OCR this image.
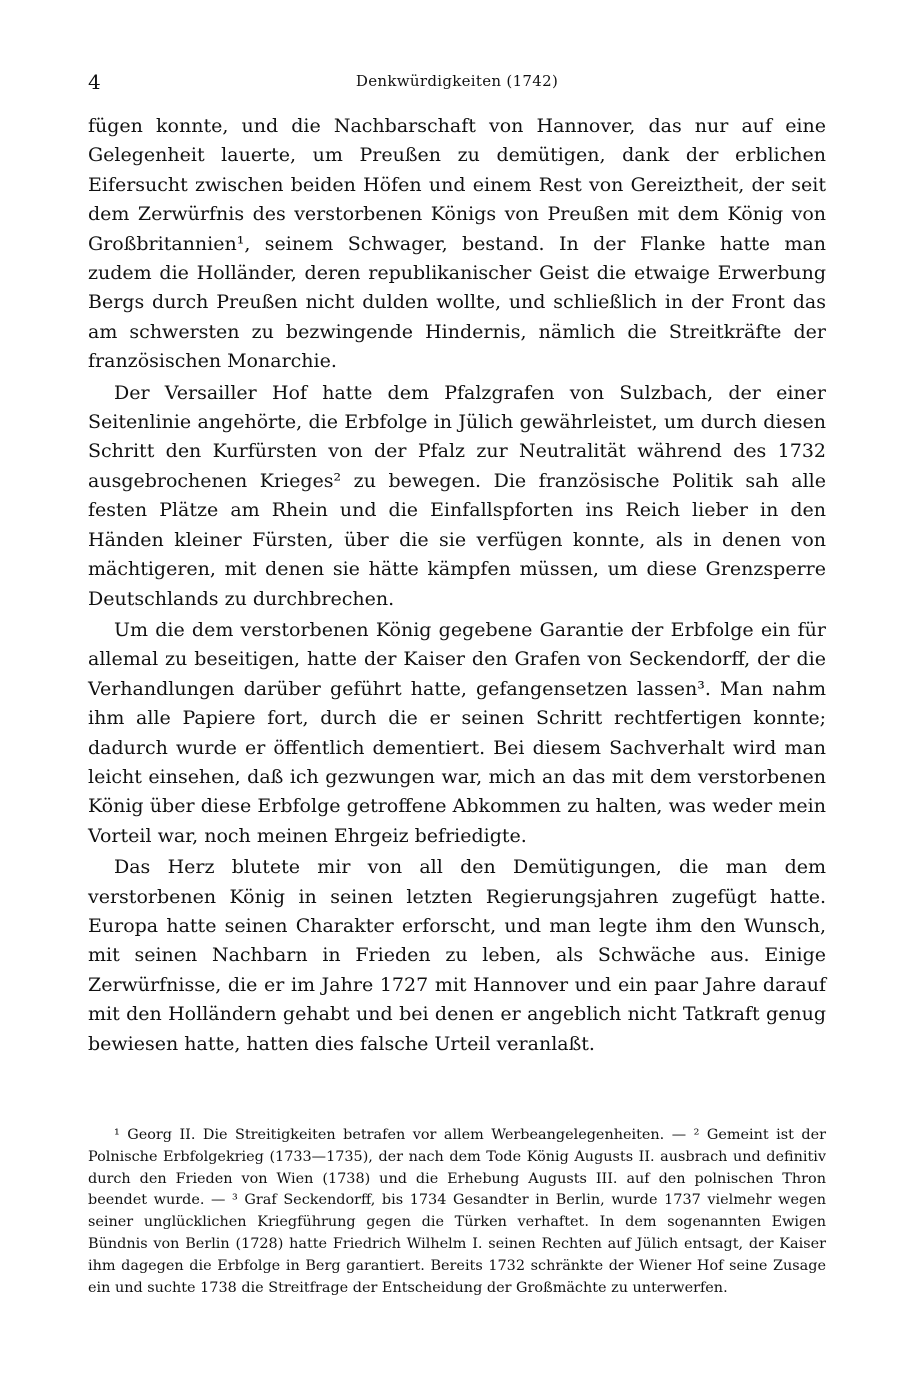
4	Denkwürdigkeiten (1742)

fügen konnte, und die Nachbarschaft von Hannover, das nur auf eine Gelegenheit lauerte, um Preußen zu demütigen, dank der erblichen Eifersucht zwischen beiden Höfen und einem Rest von Gereiztheit, der seit dem Zerwürfnis des verstorbenen Königs von Preußen mit dem König von Großbritannien¹, seinem Schwager, bestand. In der Flanke hatte man zudem die Holländer, deren republikanischer Geist die etwaige Erwerbung Bergs durch Preußen nicht dulden wollte, und schließlich in der Front das am schwersten zu bezwingende Hindernis, nämlich die Streitkräfte der französischen Monarchie.

Der Versailler Hof hatte dem Pfalzgrafen von Sulzbach, der einer Seitenlinie angehörte, die Erbfolge in Jülich gewährleistet, um durch diesen Schritt den Kurfürsten von der Pfalz zur Neutralität während des 1732 ausgebrochenen Krieges² zu bewegen. Die französische Politik sah alle festen Plätze am Rhein und die Einfallspforten ins Reich lieber in den Händen kleiner Fürsten, über die sie verfügen konnte, als in denen von mächtigeren, mit denen sie hätte kämpfen müssen, um diese Grenzsperre Deutschlands zu durchbrechen.

Um die dem verstorbenen König gegebene Garantie der Erbfolge ein für allemal zu beseitigen, hatte der Kaiser den Grafen von Seckendorff, der die Verhandlungen darüber geführt hatte, gefangensetzen lassen³. Man nahm ihm alle Papiere fort, durch die er seinen Schritt rechtfertigen konnte; dadurch wurde er öffentlich dementiert. Bei diesem Sachverhalt wird man leicht einsehen, daß ich gezwungen war, mich an das mit dem verstorbenen König über diese Erbfolge getroffene Abkommen zu halten, was weder mein Vorteil war, noch meinen Ehrgeiz befriedigte.

Das Herz blutete mir von all den Demütigungen, die man dem verstorbenen König in seinen letzten Regierungsjahren zugefügt hatte. Europa hatte seinen Charakter erforscht, und man legte ihm den Wunsch, mit seinen Nachbarn in Frieden zu leben, als Schwäche aus. Einige Zerwürfnisse, die er im Jahre 1727 mit Hannover und ein paar Jahre darauf mit den Holländern gehabt und bei denen er angeblich nicht Tatkraft genug bewiesen hatte, hatten dies falsche Urteil veranlaßt.

¹ Georg II. Die Streitigkeiten betrafen vor allem Werbeangelegenheiten. — ² Gemeint ist der Polnische Erbfolgekrieg (1733—1735), der nach dem Tode König Augusts II. ausbrach und definitiv durch den Frieden von Wien (1738) und die Erhebung Augusts III. auf den polnischen Thron beendet wurde. — ³ Graf Seckendorff, bis 1734 Gesandter in Berlin, wurde 1737 vielmehr wegen seiner unglücklichen Kriegführung gegen die Türken verhaftet. In dem sogenannten Ewigen Bündnis von Berlin (1728) hatte Friedrich Wilhelm I. seinen Rechten auf Jülich entsagt, der Kaiser ihm dagegen die Erbfolge in Berg garantiert. Bereits 1732 schränkte der Wiener Hof seine Zusage ein und suchte 1738 die Streitfrage der Entscheidung der Großmächte zu unterwerfen.
